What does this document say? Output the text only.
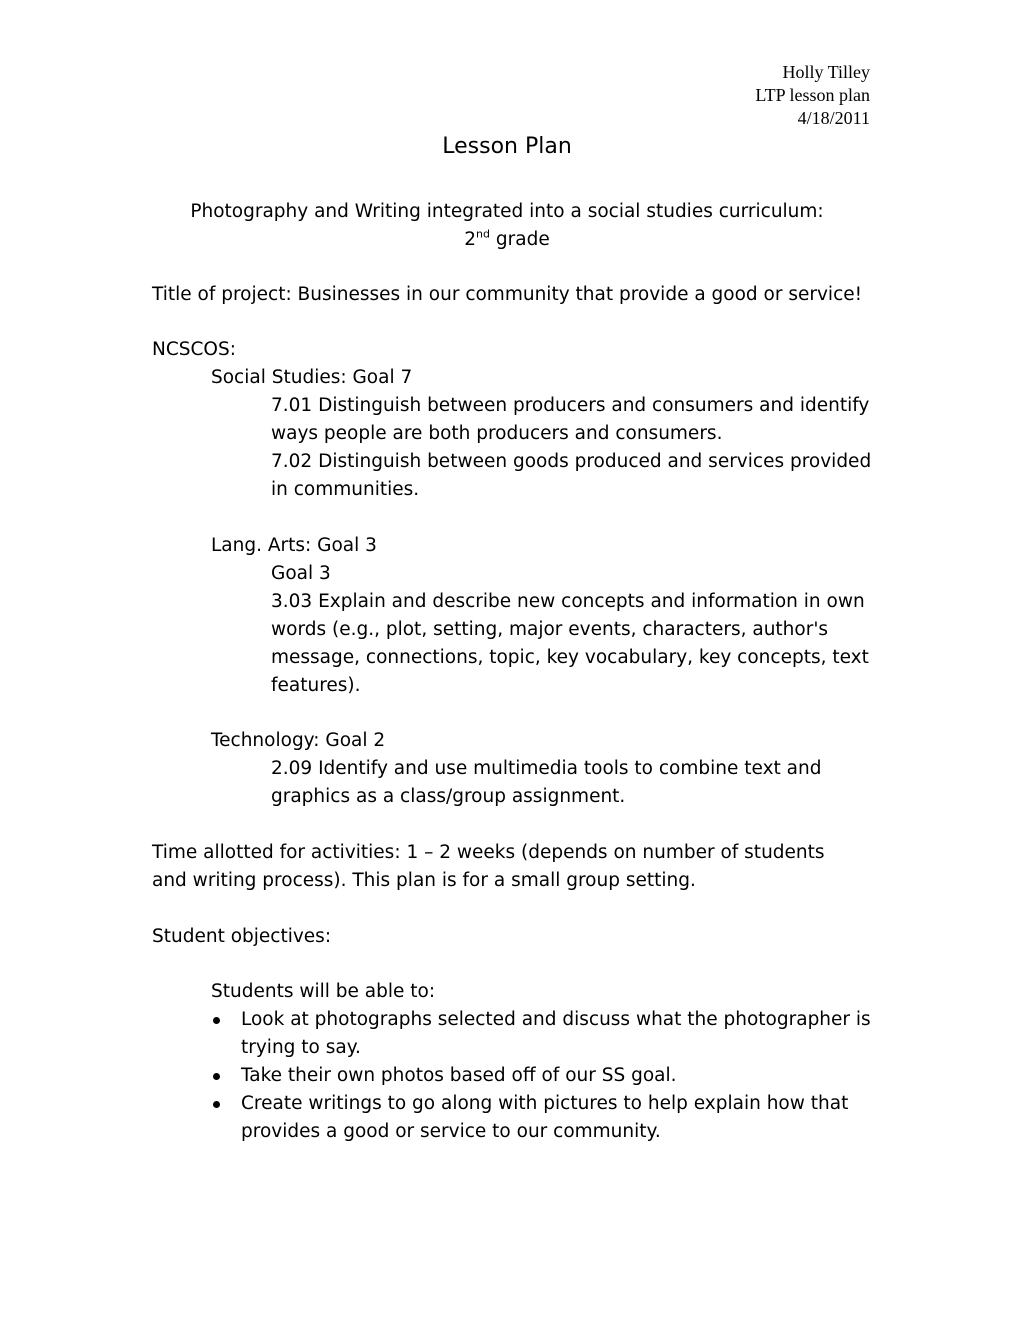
Holly Tilley
LTP lesson plan
4/18/2011
Lesson Plan
Photography and Writing integrated into a social studies curriculum:
2nd grade
Title of project: Businesses in our community that provide a good or service!
NCSCOS:
Social Studies: Goal 7
7.01 Distinguish between producers and consumers and identify
ways people are both producers and consumers.
7.02 Distinguish between goods produced and services provided
in communities.
Lang. Arts: Goal 3
Goal 3
3.03 Explain and describe new concepts and information in own
words (e.g., plot, setting, major events, characters, author's
message, connections, topic, key vocabulary, key concepts, text
features).
Technology: Goal 2
2.09 Identify and use multimedia tools to combine text and
graphics as a class/group assignment.
Time allotted for activities: 1 – 2 weeks (depends on number of students
and writing process). This plan is for a small group setting.
Student objectives:
Students will be able to:
Look at photographs selected and discuss what the photographer is trying to say.
Take their own photos based off of our SS goal.
Create writings to go along with pictures to help explain how that provides a good or service to our community.
